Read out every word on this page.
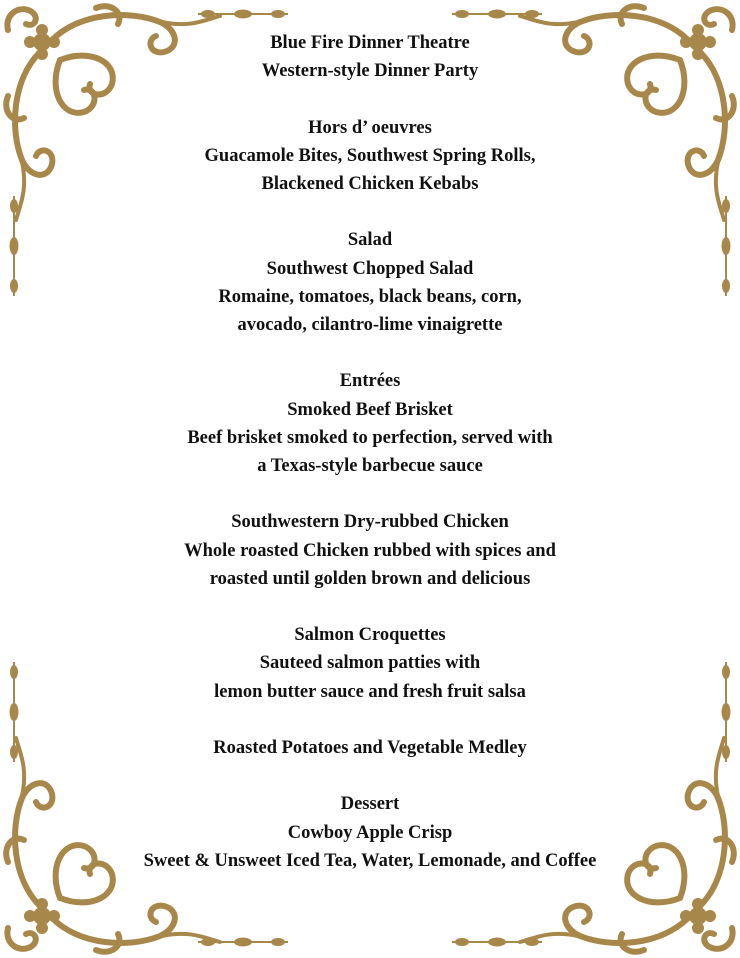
Blue Fire Dinner Theatre
Western-style Dinner Party
Hors d’ oeuvres
Guacamole Bites, Southwest Spring Rolls,
Blackened Chicken Kebabs
Salad
Southwest Chopped Salad
Romaine, tomatoes, black beans, corn,
avocado, cilantro-lime vinaigrette
Entrées
Smoked Beef Brisket
Beef brisket smoked to perfection, served with
a Texas-style barbecue sauce
Southwestern Dry-rubbed Chicken
Whole roasted Chicken rubbed with spices and
roasted until golden brown and delicious
Salmon Croquettes
Sauteed salmon patties with
lemon butter sauce and fresh fruit salsa
Roasted Potatoes and Vegetable Medley
Dessert
Cowboy Apple Crisp
Sweet & Unsweet Iced Tea, Water, Lemonade, and Coffee
